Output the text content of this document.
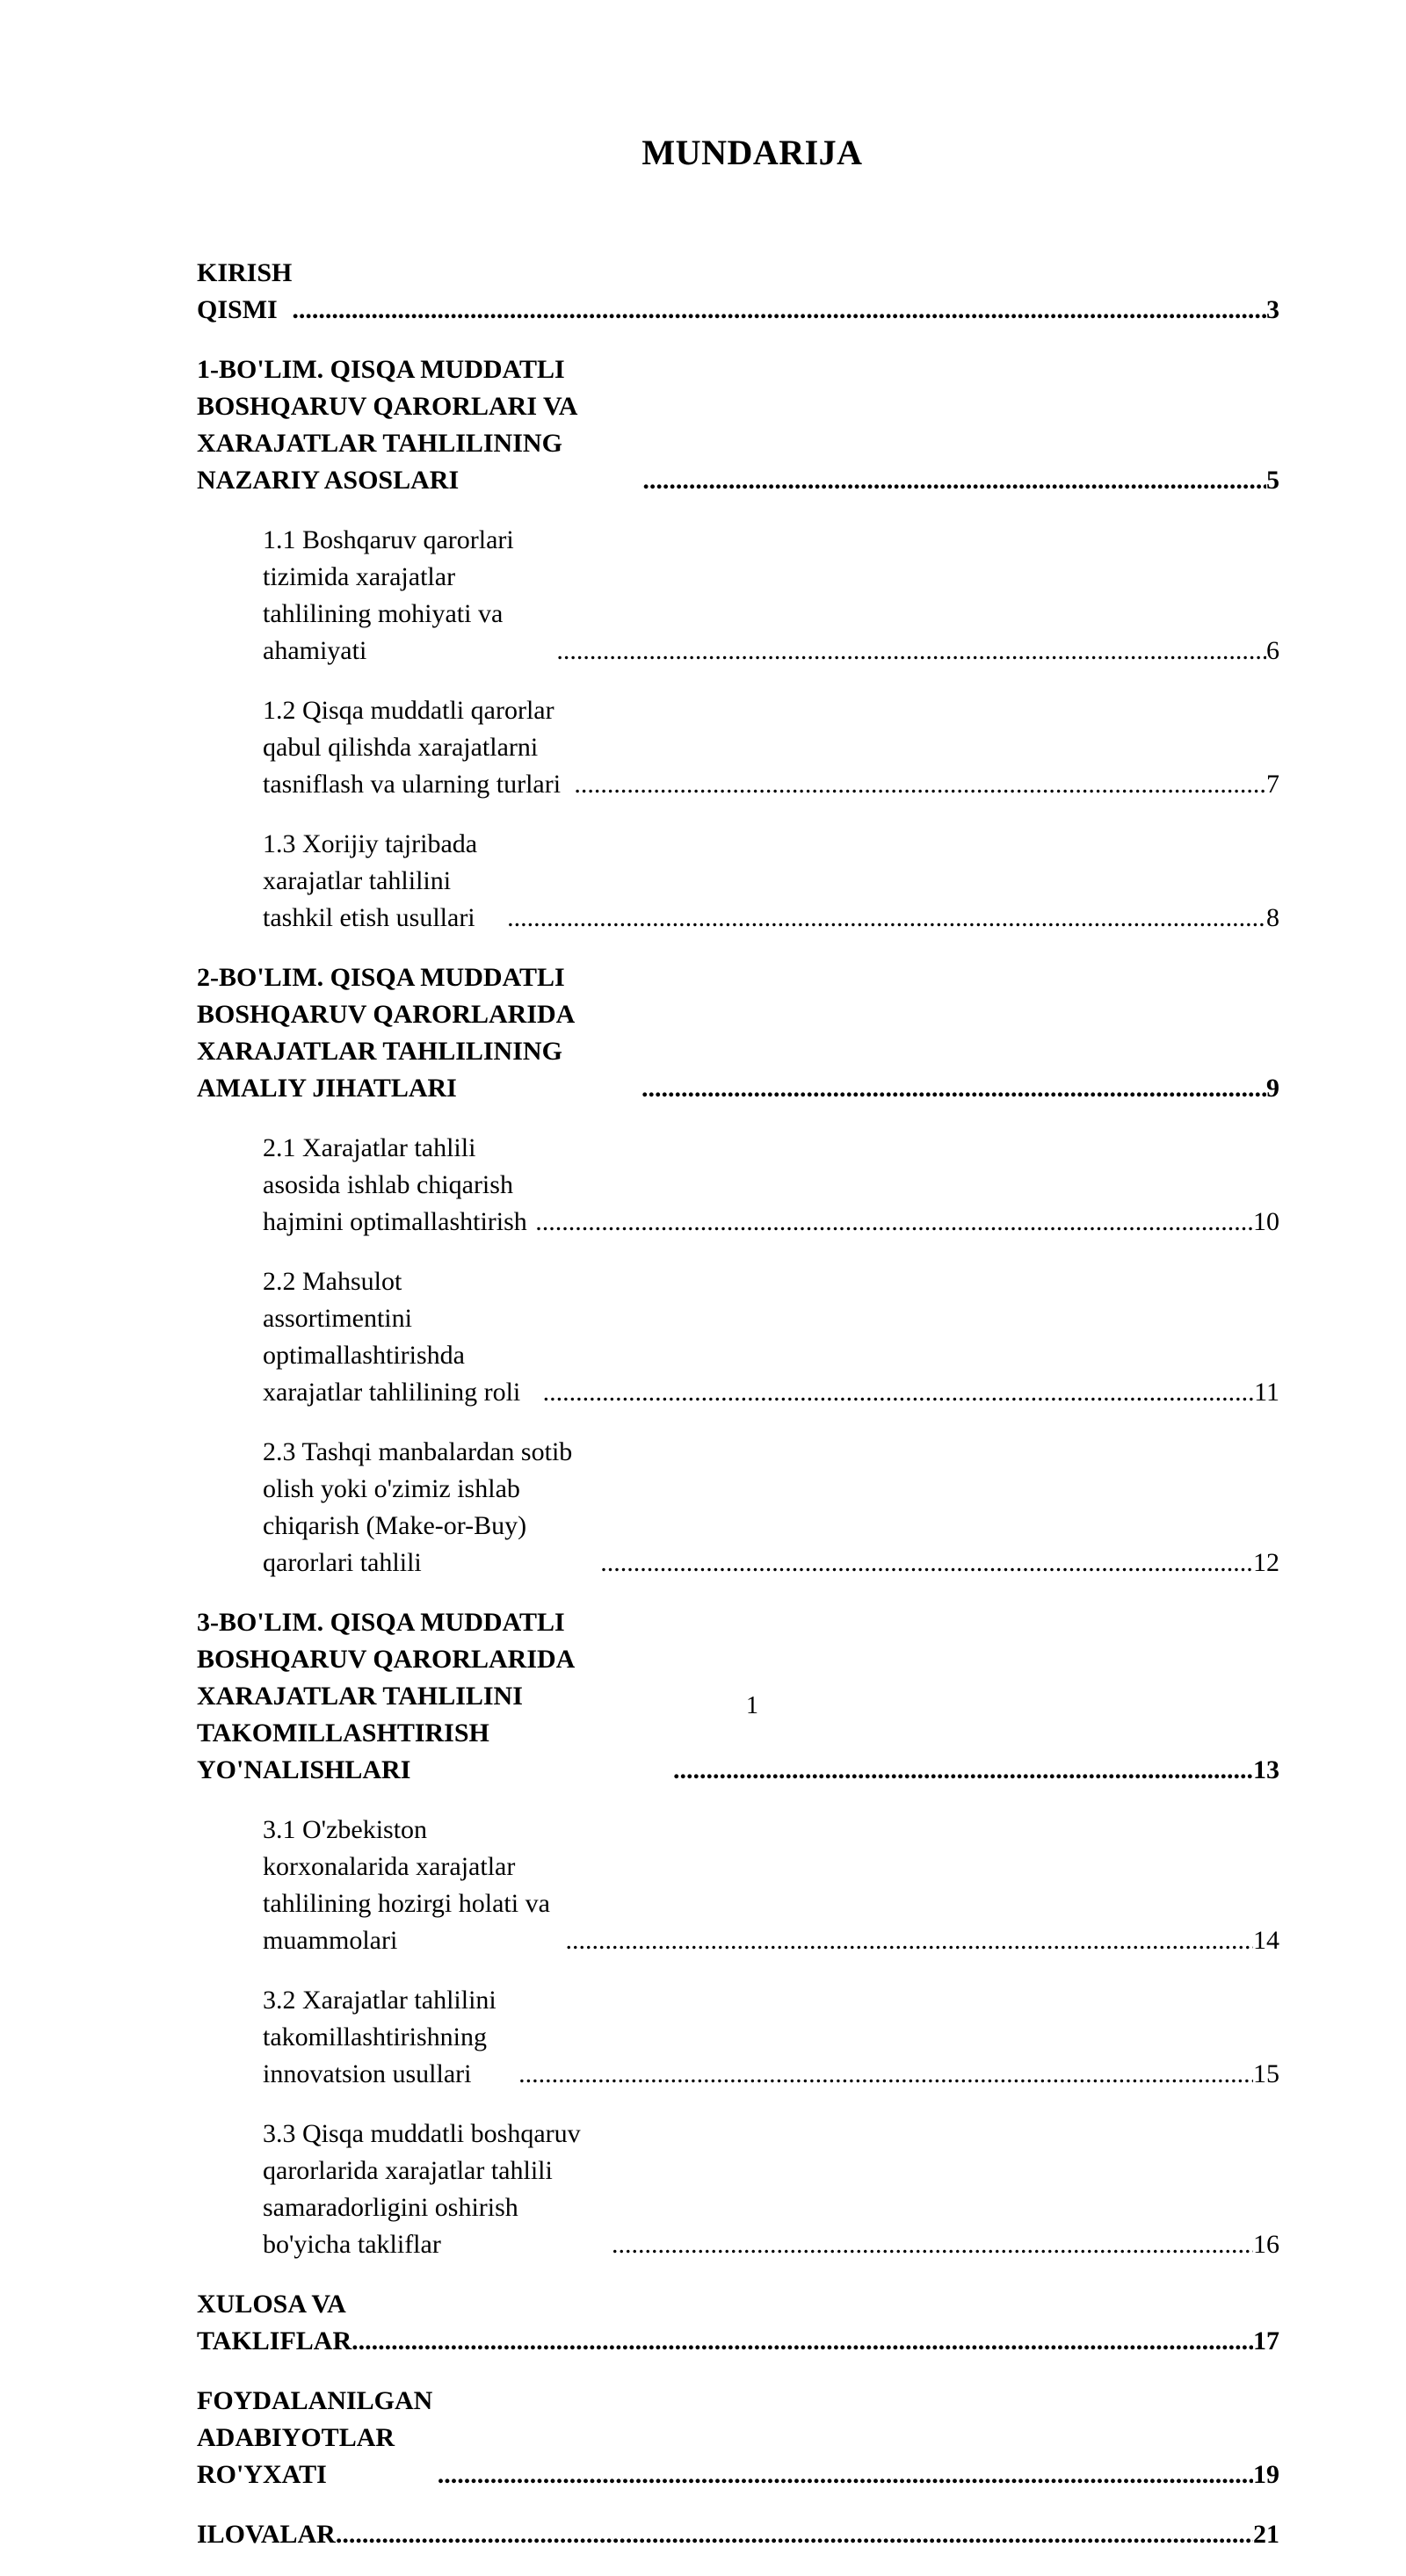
MUNDARIJA
KIRISH QISMI .....	3
1-BO'LIM. QISQA MUDDATLI BOSHQARUV QARORLARI VA XARAJATLAR TAHLILINING NAZARIY ASOSLARI .....	5
1.1 Boshqaruv qarorlari tizimida xarajatlar tahlilining mohiyati va ahamiyati .....	6
1.2 Qisqa muddatli qarorlar qabul qilishda xarajatlarni tasniflash va ularning turlari .....	7
1.3 Xorijiy tajribada xarajatlar tahlilini tashkil etish usullari .....	8
2-BO'LIM. QISQA MUDDATLI BOSHQARUV QARORLARIDA XARAJATLAR TAHLILINING AMALIY JIHATLARI .....	9
2.1 Xarajatlar tahlili asosida ishlab chiqarish hajmini optimallashtirish .....	10
2.2 Mahsulot assortimentini optimallashtirishda xarajatlar tahlilining roli .....	11
2.3 Tashqi manbalardan sotib olish yoki o'zimiz ishlab chiqarish (Make-or-Buy) qarorlari tahlili .....	12
3-BO'LIM. QISQA MUDDATLI BOSHQARUV QARORLARIDA XARAJATLAR TAHLILINI TAKOMILLASHTIRISH YO'NALISHLARI .....	13
3.1 O'zbekiston korxonalarida xarajatlar tahlilining hozirgi holati va muammolari .....	14
3.2 Xarajatlar tahlilini takomillashtirishning innovatsion usullari .....	15
3.3 Qisqa muddatli boshqaruv qarorlarida xarajatlar tahlili samaradorligini oshirish bo'yicha takliflar .....	16
XULOSA VA TAKLIFLAR .....	17
FOYDALANILGAN ADABIYOTLAR RO'YXATI .....	19
ILOVALAR .....	21
1
